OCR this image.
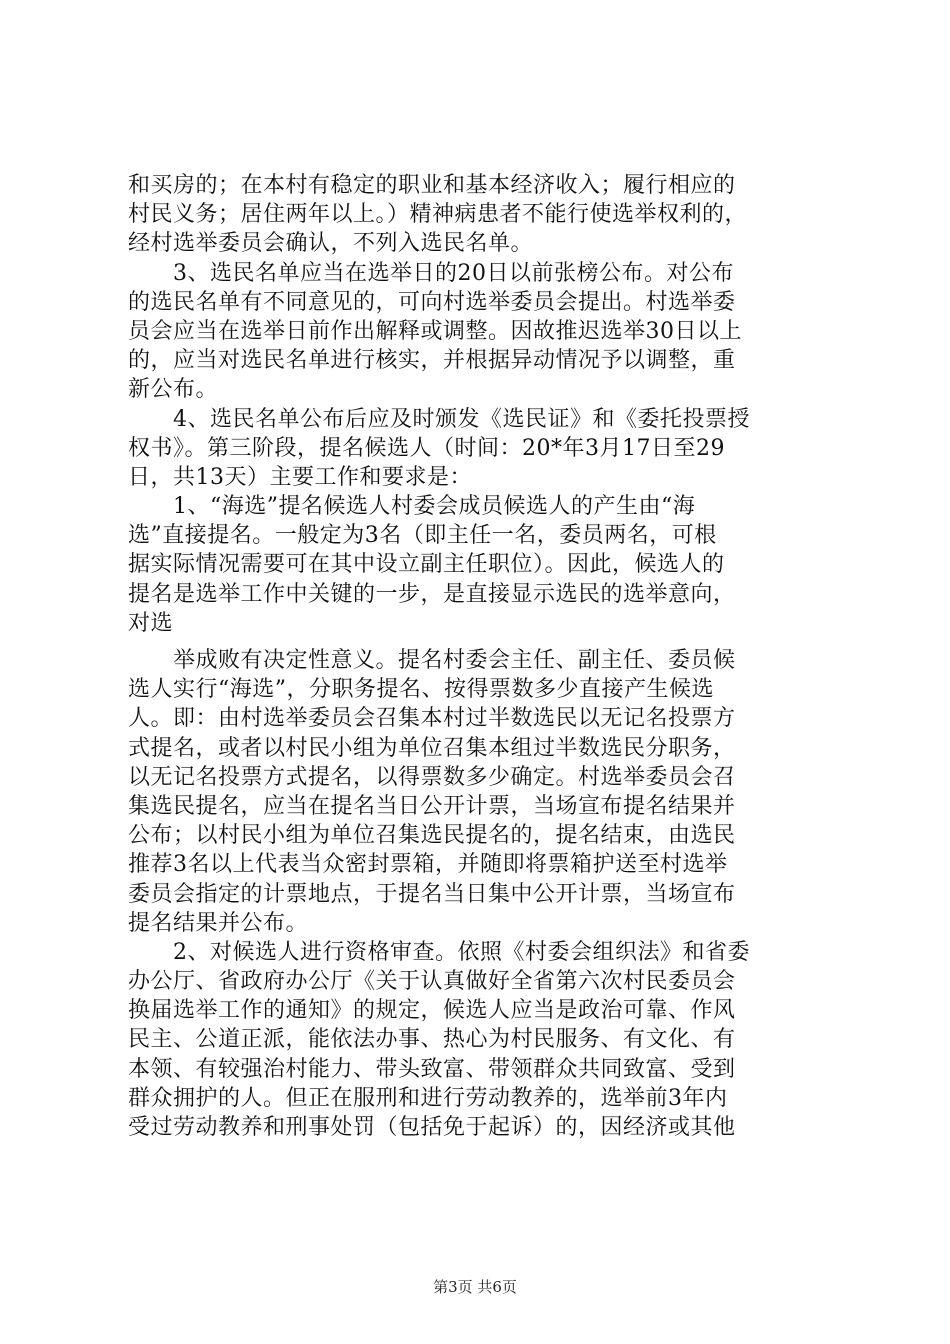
和买房的；在本村有稳定的职业和基本经济收入；履行相应的
村民义务；居住两年以上。）精神病患者不能行使选举权利的，
经村选举委员会确认，不列入选民名单。
　　3、选民名单应当在选举日的20日以前张榜公布。对公布
的选民名单有不同意见的，可向村选举委员会提出。村选举委
员会应当在选举日前作出解释或调整。因故推迟选举30日以上
的，应当对选民名单进行核实，并根据异动情况予以调整，重
新公布。
　　4、选民名单公布后应及时颁发《选民证》和《委托投票授
权书》。第三阶段，提名候选人（时间：20*年3月17日至29
日，共13天）主要工作和要求是：
　　1、“海选”提名候选人村委会成员候选人的产生由“海
选”直接提名。一般定为3名（即主任一名，委员两名，可根
据实际情况需要可在其中设立副主任职位）。因此，候选人的
提名是选举工作中关键的一步，是直接显示选民的选举意向，
对选
　　举成败有决定性意义。提名村委会主任、副主任、委员候
选人实行“海选”，分职务提名、按得票数多少直接产生候选
人。即：由村选举委员会召集本村过半数选民以无记名投票方
式提名，或者以村民小组为单位召集本组过半数选民分职务，
以无记名投票方式提名，以得票数多少确定。村选举委员会召
集选民提名，应当在提名当日公开计票，当场宣布提名结果并
公布；以村民小组为单位召集选民提名的，提名结束，由选民
推荐3名以上代表当众密封票箱，并随即将票箱护送至村选举
委员会指定的计票地点，于提名当日集中公开计票，当场宣布
提名结果并公布。
　　2、对候选人进行资格审查。依照《村委会组织法》和省委
办公厅、省政府办公厅《关于认真做好全省第六次村民委员会
换届选举工作的通知》的规定，候选人应当是政治可靠、作风
民主、公道正派，能依法办事、热心为村民服务、有文化、有
本领、有较强治村能力、带头致富、带领群众共同致富、受到
群众拥护的人。但正在服刑和进行劳动教养的，选举前3年内
受过劳动教养和刑事处罚（包括免于起诉）的，因经济或其他
第3页 共6页
